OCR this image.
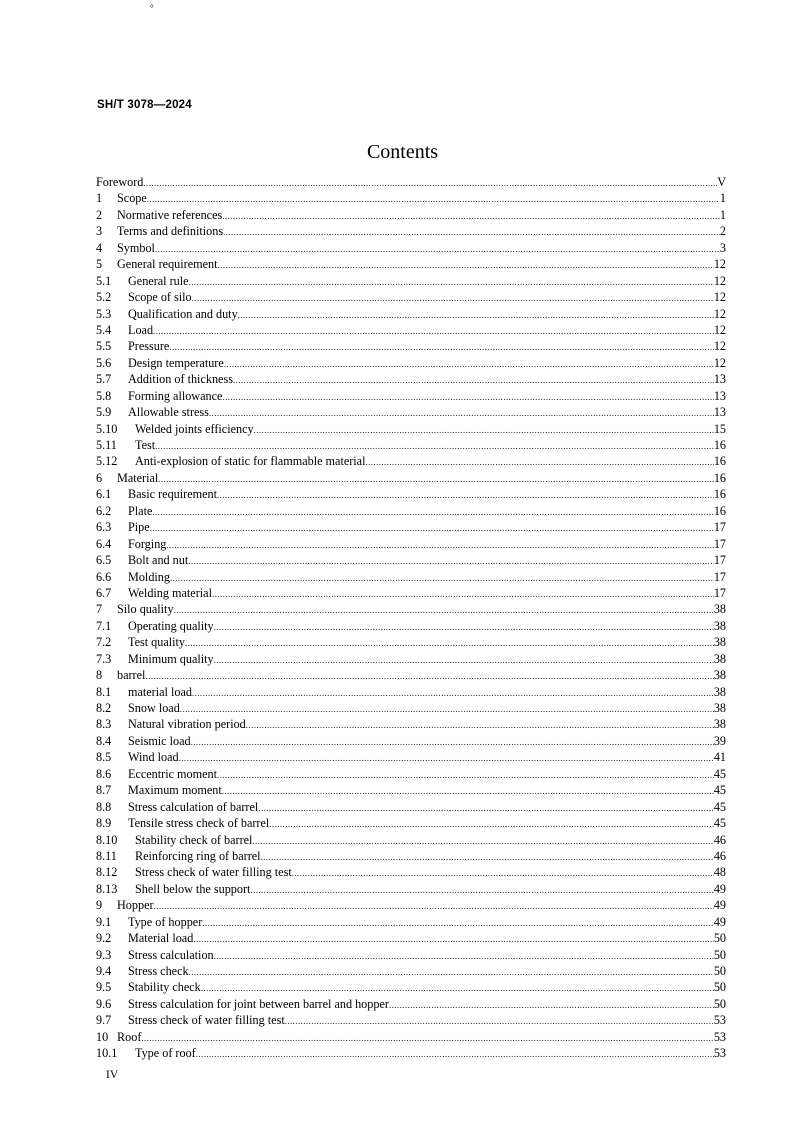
°
SH/T 3078—2024
Contents
Foreword .....	V
1	Scope .....	1
2	Normative references .....	1
3	Terms and definitions .....	2
4	Symbol .....	3
5	General requirement .....	12
5.1	General rule .....	12
5.2	Scope of silo .....	12
5.3	Qualification and duty .....	12
5.4	Load .....	12
5.5	Pressure .....	12
5.6	Design temperature .....	12
5.7	Addition of thickness .....	13
5.8	Forming allowance .....	13
5.9	Allowable stress .....	13
5.10	Welded joints efficiency .....	15
5.11	Test .....	16
5.12	Anti-explosion of static for flammable material .....	16
6	Material .....	16
6.1	Basic requirement .....	16
6.2	Plate .....	16
6.3	Pipe .....	17
6.4	Forging .....	17
6.5	Bolt and nut .....	17
6.6	Molding .....	17
6.7	Welding material .....	17
7	Silo quality .....	38
7.1	Operating quality .....	38
7.2	Test quality .....	38
7.3	Minimum quality .....	38
8	barrel .....	38
8.1	material load .....	38
8.2	Snow load .....	38
8.3	Natural vibration period .....	38
8.4	Seismic load .....	39
8.5	Wind load .....	41
8.6	Eccentric moment .....	45
8.7	Maximum moment .....	45
8.8	Stress calculation of barrel .....	45
8.9	Tensile stress check of barrel .....	45
8.10	Stability check of barrel .....	46
8.11	Reinforcing ring of barrel .....	46
8.12	Stress check of water filling test .....	48
8.13	Shell below the support .....	49
9	Hopper .....	49
9.1	Type of hopper .....	49
9.2	Material load .....	50
9.3	Stress calculation .....	50
9.4	Stress check .....	50
9.5	Stability check .....	50
9.6	Stress calculation for joint between barrel and hopper .....	50
9.7	Stress check of water filling test .....	53
10 Roof .....	53
10.1	Type of roof .....	53
IV
